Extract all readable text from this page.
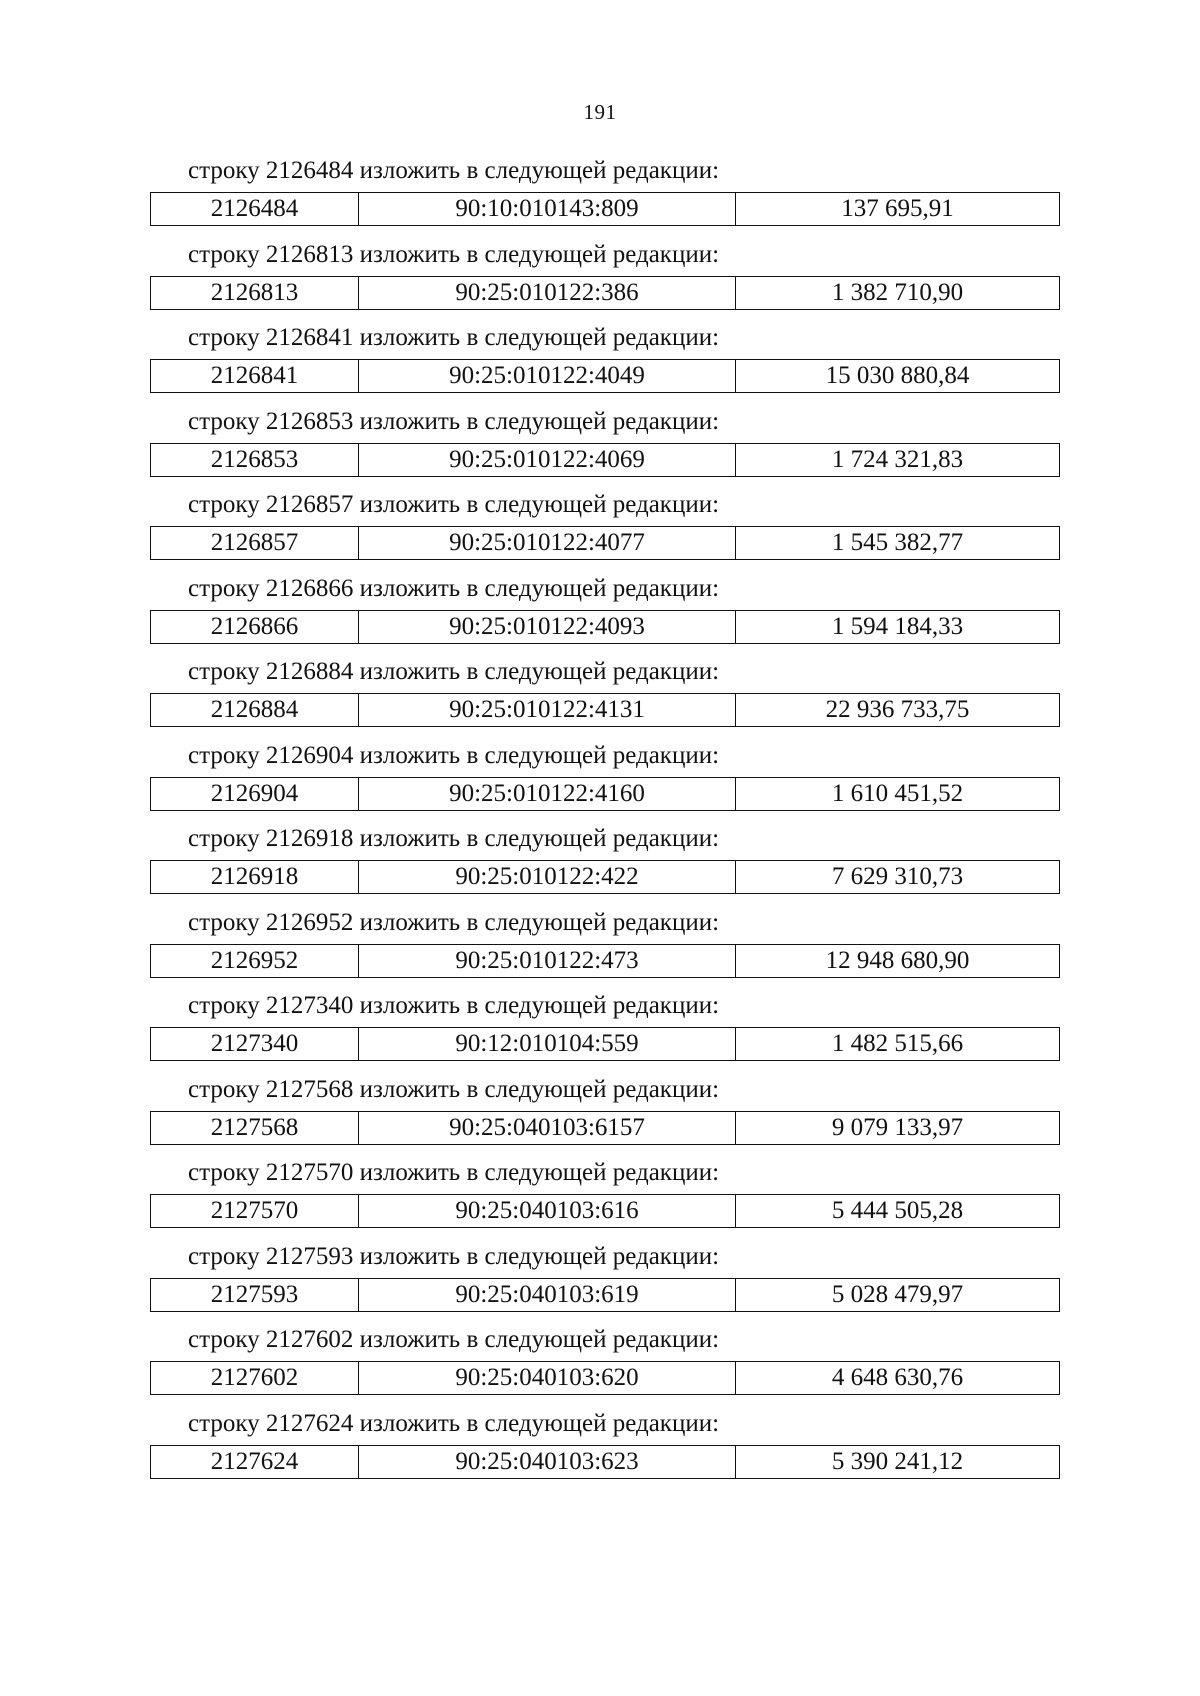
191
строку 2126484 изложить в следующей редакции:
2126484	90:10:010143:809	137 695,91
строку 2126813 изложить в следующей редакции:
2126813	90:25:010122:386	1 382 710,90
строку 2126841 изложить в следующей редакции:
2126841	90:25:010122:4049	15 030 880,84
строку 2126853 изложить в следующей редакции:
2126853	90:25:010122:4069	1 724 321,83
строку 2126857 изложить в следующей редакции:
2126857	90:25:010122:4077	1 545 382,77
строку 2126866 изложить в следующей редакции:
2126866	90:25:010122:4093	1 594 184,33
строку 2126884 изложить в следующей редакции:
2126884	90:25:010122:4131	22 936 733,75
строку 2126904 изложить в следующей редакции:
2126904	90:25:010122:4160	1 610 451,52
строку 2126918 изложить в следующей редакции:
2126918	90:25:010122:422	7 629 310,73
строку 2126952 изложить в следующей редакции:
2126952	90:25:010122:473	12 948 680,90
строку 2127340 изложить в следующей редакции:
2127340	90:12:010104:559	1 482 515,66
строку 2127568 изложить в следующей редакции:
2127568	90:25:040103:6157	9 079 133,97
строку 2127570 изложить в следующей редакции:
2127570	90:25:040103:616	5 444 505,28
строку 2127593 изложить в следующей редакции:
2127593	90:25:040103:619	5 028 479,97
строку 2127602 изложить в следующей редакции:
2127602	90:25:040103:620	4 648 630,76
строку 2127624 изложить в следующей редакции:
2127624	90:25:040103:623	5 390 241,12
